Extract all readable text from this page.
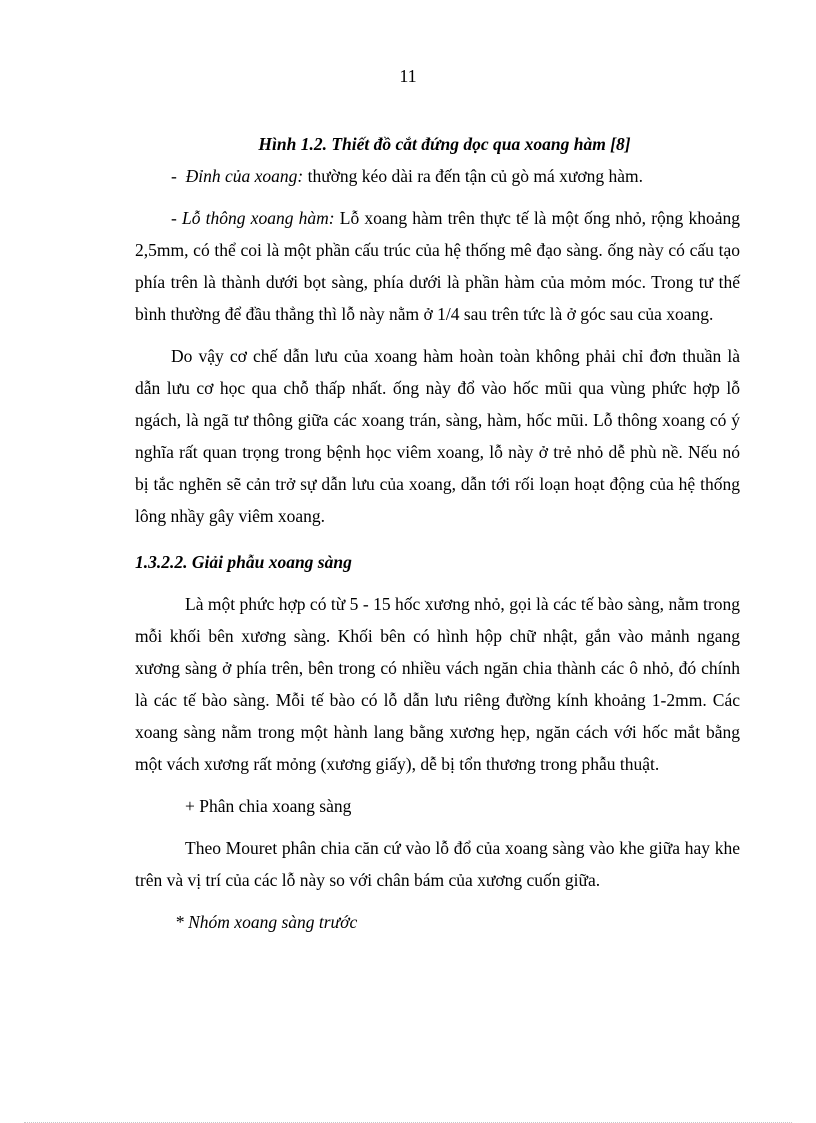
11

Hình 1.2. Thiết đồ cắt đứng dọc qua xoang hàm [8]

-  Đỉnh của xoang: thường kéo dài ra đến tận củ gò má xương hàm.

- Lỗ thông xoang hàm: Lỗ xoang hàm trên thực tế là một ống nhỏ, rộng khoảng 2,5mm, có thể coi là một phần cấu trúc của hệ thống mê đạo sàng. ống này có cấu tạo phía trên là thành dưới bọt sàng, phía dưới là phần hàm của mỏm móc. Trong tư thế bình thường để đầu thẳng thì lỗ này nằm ở 1/4 sau trên tức là ở góc sau của xoang.

Do vậy cơ chế dẫn lưu của xoang hàm hoàn toàn không phải chỉ đơn thuần là dẫn lưu cơ học qua chỗ thấp nhất. ống này đổ vào hốc mũi qua vùng phức hợp lỗ ngách, là ngã tư thông giữa các xoang trán, sàng, hàm, hốc mũi. Lỗ thông xoang có ý nghĩa rất quan trọng trong bệnh học viêm xoang, lỗ này ở trẻ nhỏ dễ phù nề. Nếu nó bị tắc nghẽn sẽ cản trở sự dẫn lưu của xoang, dẫn tới rối loạn hoạt động của hệ thống lông nhầy gây viêm xoang.

1.3.2.2. Giải phẫu xoang sàng

Là một phức hợp có từ 5 - 15 hốc xương nhỏ, gọi là các tế bào sàng, nằm trong mỗi khối bên xương sàng. Khối bên có hình hộp chữ nhật, gắn vào mảnh ngang xương sàng ở phía trên, bên trong có nhiều vách ngăn chia thành các ô nhỏ, đó chính là các tế bào sàng. Mỗi tế bào có lỗ dẫn lưu riêng đường kính khoảng 1-2mm. Các xoang sàng nằm trong một hành lang bằng xương hẹp, ngăn cách với hốc mắt bằng một vách xương rất mỏng (xương giấy), dễ bị tổn thương trong phẫu thuật.

+ Phân chia xoang sàng

Theo Mouret phân chia căn cứ vào lỗ đổ của xoang sàng vào khe giữa hay khe trên và vị trí của các lỗ này so với chân bám của xương cuốn giữa.

* Nhóm xoang sàng trước
